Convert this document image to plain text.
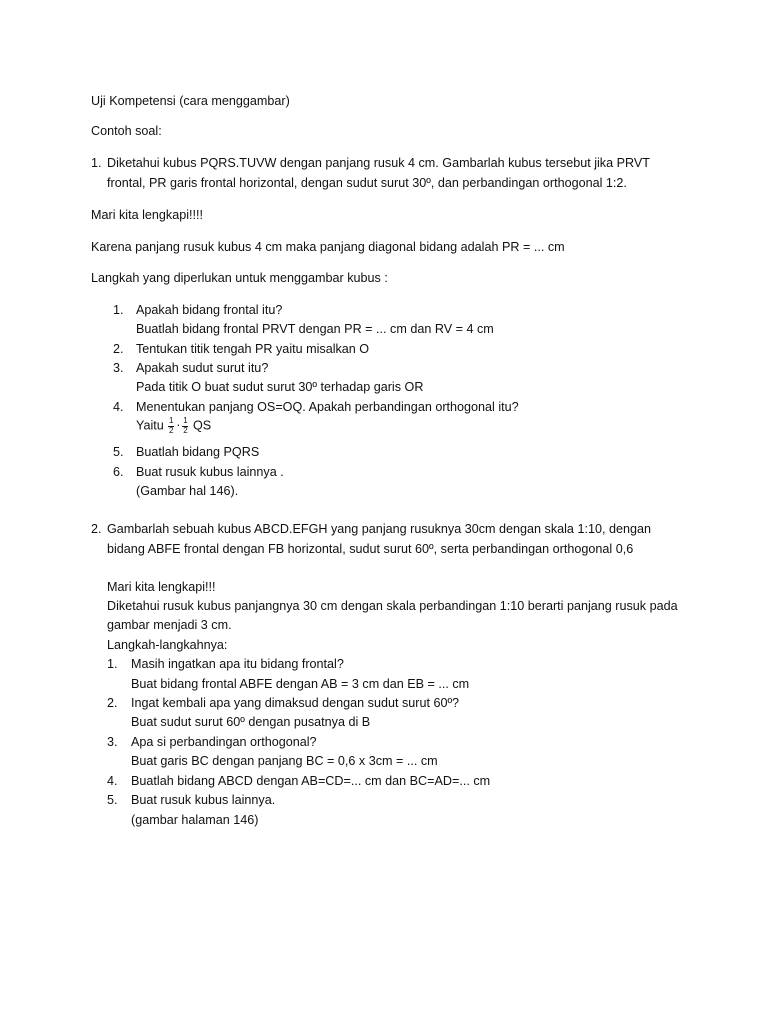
Uji Kompetensi (cara menggambar)
Contoh soal:
1. Diketahui kubus PQRS.TUVW dengan panjang rusuk 4 cm. Gambarlah kubus tersebut jika PRVT
frontal, PR garis frontal horizontal, dengan sudut surut 30º, dan perbandingan orthogonal 1:2.
Mari kita lengkapi!!!!
Karena panjang rusuk kubus 4 cm maka panjang diagonal bidang adalah PR = ... cm
Langkah yang diperlukan untuk menggambar kubus :
1. Apakah bidang frontal itu?
Buatlah bidang frontal PRVT dengan PR = ... cm dan RV = 4 cm
2. Tentukan titik tengah PR yaitu misalkan O
3. Apakah sudut surut itu?
Pada titik O buat sudut surut 30º terhadap garis OR
4. Menentukan panjang OS=OQ. Apakah perbandingan orthogonal itu?
Yaitu $\frac{1}{2} \cdot \frac{1}{2}$ QS
5. Buatlah bidang PQRS
6. Buat rusuk kubus lainnya .
(Gambar hal 146).
2. Gambarlah sebuah kubus ABCD.EFGH yang panjang rusuknya 30cm dengan skala 1:10, dengan
bidang ABFE frontal dengan FB horizontal, sudut surut 60º, serta perbandingan orthogonal 0,6
Mari kita lengkapi!!!
Diketahui rusuk kubus panjangnya 30 cm dengan skala perbandingan 1:10 berarti panjang rusuk pada
gambar menjadi 3 cm.
Langkah-langkahnya:
1. Masih ingatkan apa itu bidang frontal?
Buat bidang frontal ABFE dengan AB = 3 cm dan EB = ... cm
2. Ingat kembali apa yang dimaksud dengan sudut surut 60º?
Buat sudut surut 60º dengan pusatnya di B
3. Apa si perbandingan orthogonal?
Buat garis BC dengan panjang BC = 0,6 x 3cm = ... cm
4. Buatlah bidang ABCD dengan AB=CD=... cm dan BC=AD=... cm
5. Buat rusuk kubus lainnya.
(gambar halaman 146)
